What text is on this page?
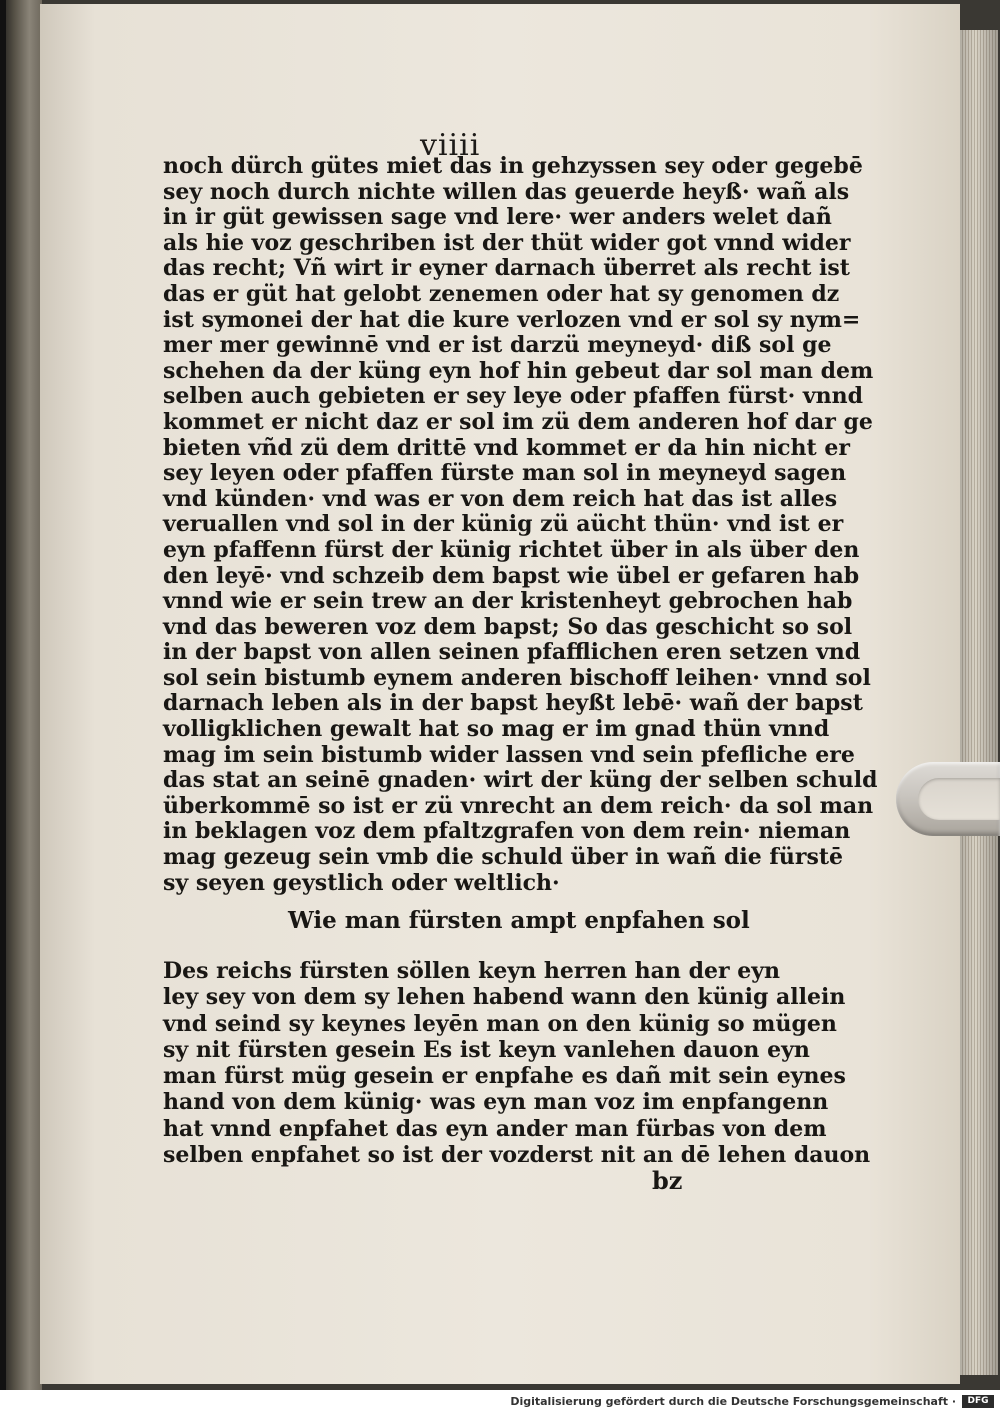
viiii
noch dürch gütes miet das in gehzyssen sey oder gegebē
sey noch durch nichte willen das geuerde heyß· wañ als
in ir güt gewissen sage vnd lere· wer anders welet dañ
als hie voz geschriben ist der thüt wider got vnnd wider
das recht; Vñ wirt ir eyner darnach überret als recht ist
das er güt hat gelobt zenemen oder hat sy genomen dz
ist symonei der hat die kure verlozen vnd er sol sy nym=
mer mer gewinnē vnd er ist darzü meyneyd· diß sol ge
schehen da der küng eyn hof hin gebeut dar sol man dem
selben auch gebieten er sey leye oder pfaffen fürst· vnnd
kommet er nicht daz er sol im zü dem anderen hof dar ge
bieten vñd zü dem drittē vnd kommet er da hin nicht er
sey leyen oder pfaffen fürste man sol in meyneyd sagen
vnd künden· vnd was er von dem reich hat das ist alles
veruallen vnd sol in der künig zü aücht thün· vnd ist er
eyn pfaffenn fürst der künig richtet über in als über den
den leyē· vnd schzeib dem bapst wie übel er gefaren hab
vnnd wie er sein trew an der kristenheyt gebrochen hab
vnd das beweren voz dem bapst; So das geschicht so sol
in der bapst von allen seinen pfafflichen eren setzen vnd
sol sein bistumb eynem anderen bischoff leihen· vnnd sol
darnach leben als in der bapst heyßt lebē· wañ der bapst
volligklichen gewalt hat so mag er im gnad thün vnnd
mag im sein bistumb wider lassen vnd sein pfefliche ere
das stat an seinē gnaden· wirt der küng der selben schuld
überkommē so ist er zü vnrecht an dem reich· da sol man
in beklagen voz dem pfaltzgrafen von dem rein· nieman
mag gezeug sein vmb die schuld über in wañ die fürstē
sy seyen geystlich oder weltlich·
Wie man fürsten ampt enpfahen sol
Des reichs fürsten söllen keyn herren han der eyn
ley sey von dem sy lehen habend wann den künig allein
vnd seind sy keynes leyēn man on den künig so mügen
sy nit fürsten gesein Es ist keyn vanlehen dauon eyn
man fürst müg gesein er enpfahe es dañ mit sein eynes
hand von dem künig· was eyn man voz im enpfangenn
hat vnnd enpfahet das eyn ander man fürbas von dem
selben enpfahet so ist der vozderst nit an dē lehen dauon
bz
Digitalisierung gefördert durch die Deutsche Forschungsgemeinschaft ·	DFG
